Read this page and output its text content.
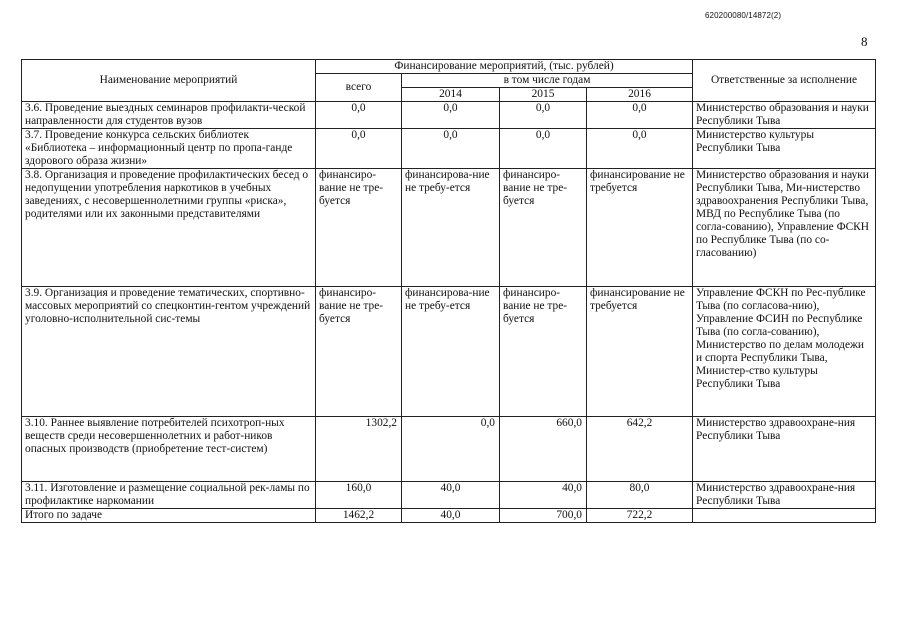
620200080/14872(2)
8
Наименование мероприятий	Финансирование мероприятий, (тыс. рублей)				Ответственные за исполнение
	всего	в том числе годам			
		2014	2015	2016	
3.6. Проведение выездных семинаров профилакти-ческой направленности для студентов вузов	0,0	0,0	0,0	0,0	Министерство образования и науки Республики Тыва
3.7. Проведение конкурса сельских библиотек «Библиотека – информационный центр по пропа-ганде здорового образа жизни»	0,0	0,0	0,0	0,0	Министерство культуры Республики Тыва
3.8. Организация и проведение профилактических бесед о недопущении употребления наркотиков в учебных заведениях, с несовершеннолетними группы «риска», родителями или их законными представителями	финансиро-вание не тре-буется	финансирова-ние не требу-ется	финансиро-вание не тре-буется	финансирование не требуется	Министерство образования и науки Республики Тыва, Ми-нистерство здравоохранения Республики Тыва, МВД по Республике Тыва (по согла-сованию), Управление ФСКН по Республике Тыва (по со-гласованию)
3.9. Организация и проведение тематических, спортивно-массовых мероприятий со спецконтин-гентом учреждений уголовно-исполнительной сис-темы	финансиро-вание не тре-буется	финансирова-ние не требу-ется	финансиро-вание не тре-буется	финансирование не требуется	Управление ФСКН по Рес-публике Тыва (по согласова-нию), Управление ФСИН по Республике Тыва (по согла-сованию), Министерство по делам молодежи и спорта Республики Тыва, Министер-ство культуры Республики Тыва
3.10. Раннее выявление потребителей психотроп-ных веществ среди несовершеннолетних и работ-ников опасных производств (приобретение тест-систем)	1302,2	0,0	660,0	642,2	Министерство здравоохране-ния Республики Тыва
3.11. Изготовление и размещение социальной рек-ламы по профилактике наркомании	160,0	40,0	40,0	80,0	Министерство здравоохране-ния Республики Тыва
Итого по задаче	1462,2	40,0	700,0	722,2	
